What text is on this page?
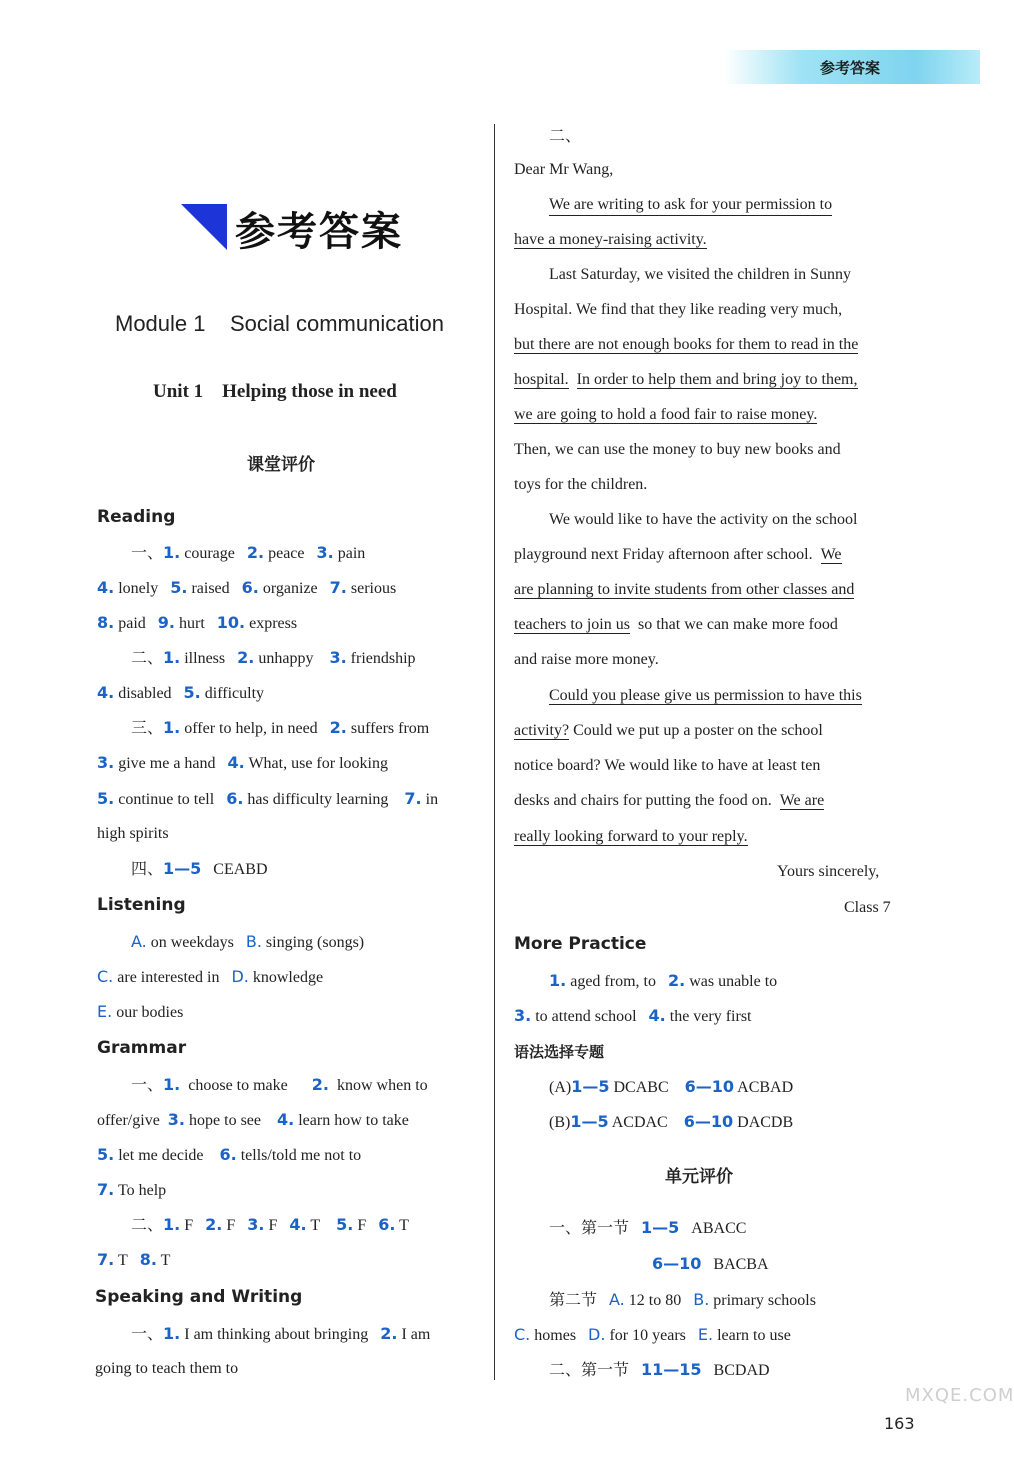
参考答案
参考答案
Module 1    Social communication
Unit 1    Helping those in need
课堂评价
Reading
一、1. courage 2. peace 3. pain
4. lonely 5. raised 6. organize 7. serious
8. paid 9. hurt 10. express
二、1. illness 2. unhappy 3. friendship
4. disabled 5. difficulty
三、1. offer to help, in need 2. suffers from
3. give me a hand 4. What, use for looking
5. continue to tell 6. has difficulty learning 7. in
high spirits
四、1—5 CEABD
Listening
A. on weekdays B. singing (songs)
C. are interested in D. knowledge
E. our bodies
Grammar
一、1. choose to make 2. know when to
offer/give 3. hope to see 4. learn how to take
5. let me decide 6. tells/told me not to
7. To help
二、1. F 2. F 3. F 4. T 5. F 6. T
7. T 8. T
Speaking and Writing
一、1. I am thinking about bringing 2. I am
going to teach them to
二、
Dear Mr Wang,
We are writing to ask for your permission to
have a money-raising activity.
Last Saturday, we visited the children in Sunny
Hospital. We find that they like reading very much,
but there are not enough books for them to read in the
hospital. In order to help them and bring joy to them,
we are going to hold a food fair to raise money.
Then, we can use the money to buy new books and
toys for the children.
We would like to have the activity on the school
playground next Friday afternoon after school. We
are planning to invite students from other classes and
teachers to join us so that we can make more food
and raise more money.
Could you please give us permission to have this
activity? Could we put up a poster on the school
notice board? We would like to have at least ten
desks and chairs for putting the food on. We are
really looking forward to your reply.
Yours sincerely,
Class 7
More Practice
1. aged from, to 2. was unable to
3. to attend school 4. the very first
语法选择专题
(A)1—5 DCABC 6—10 ACBAD
(B)1—5 ACDAC 6—10 DACDB
单元评价
一、第一节 1—5 ABACC
6—10 BACBA
第二节 A. 12 to 80 B. primary schools
C. homes D. for 10 years E. learn to use
二、第一节 11—15 BCDAD
MXQE.COM
163
